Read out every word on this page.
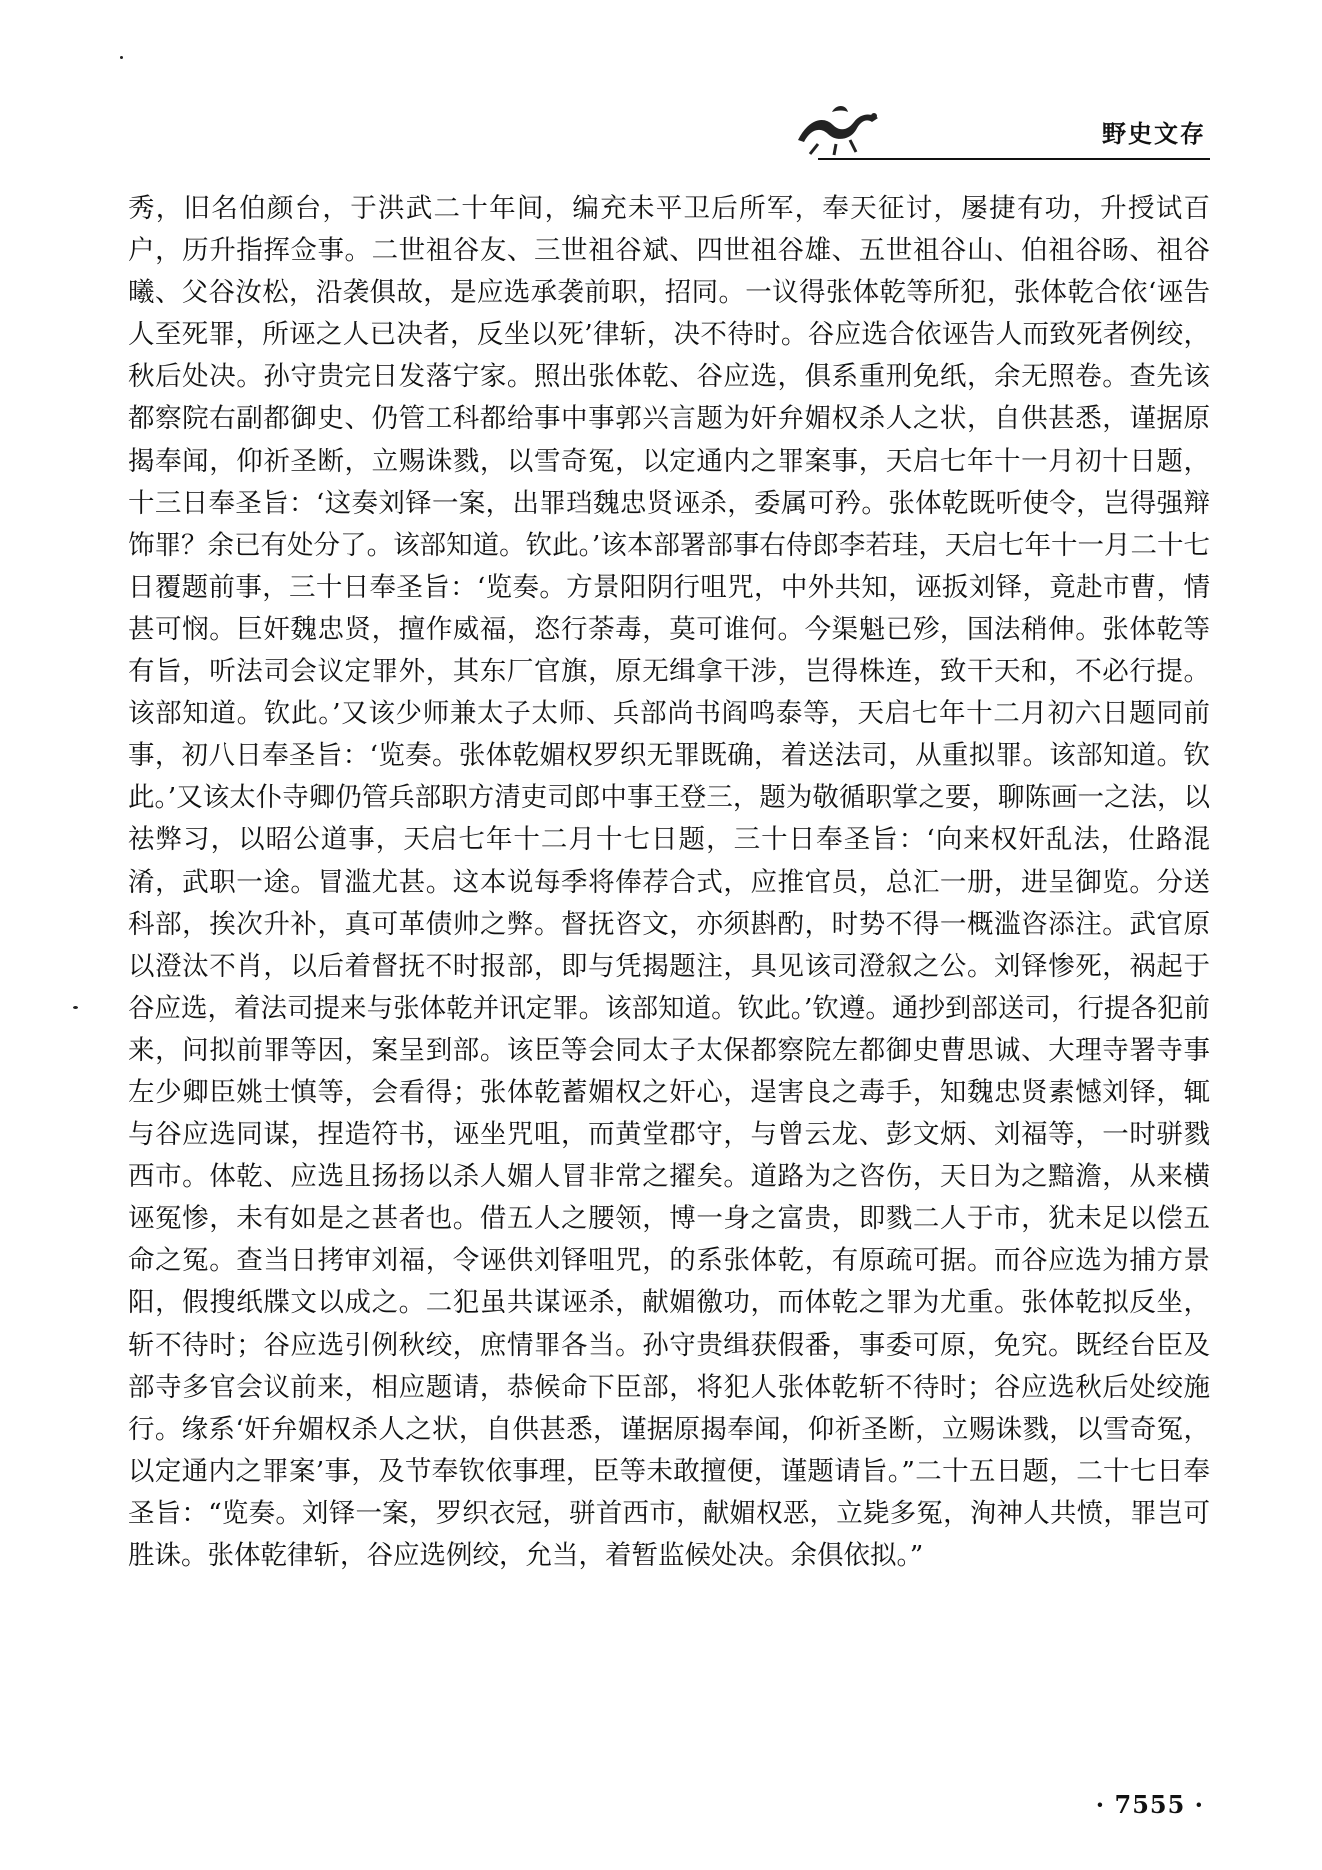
野史文存

秀，旧名伯颜台，于洪武二十年间，编充未平卫后所军，奉天征讨，屡捷有功，升授试百户，历升指挥佥事。二世祖谷友、三世祖谷斌、四世祖谷雄、五世祖谷山、伯祖谷旸、祖谷曦、父谷汝松，沿袭俱故，是应选承袭前职，招同。一议得张体乾等所犯，张体乾合依‘诬告人至死罪，所诬之人已决者，反坐以死’律斩，决不待时。谷应选合依诬告人而致死者例绞，秋后处决。孙守贵完日发落宁家。照出张体乾、谷应选，俱系重刑免纸，余无照卷。查先该都察院右副都御史、仍管工科都给事中事郭兴言题为奸弁媚权杀人之状，自供甚悉，谨据原揭奉闻，仰祈圣断，立赐诛戮，以雪奇冤，以定通内之罪案事，天启七年十一月初十日题，十三日奉圣旨：‘这奏刘铎一案，出罪珰魏忠贤诬杀，委属可矜。张体乾既听使令，岂得强辩饰罪？余已有处分了。该部知道。钦此。’该本部署部事右侍郎李若珪，天启七年十一月二十七日覆题前事，三十日奉圣旨：‘览奏。方景阳阴行咀咒，中外共知，诬扳刘铎，竟赴市曹，情甚可悯。巨奸魏忠贤，擅作威福，恣行荼毒，莫可谁何。今渠魁已殄，国法稍伸。张体乾等有旨，听法司会议定罪外，其东厂官旗，原无缉拿干涉，岂得株连，致干天和，不必行提。该部知道。钦此。’又该少师兼太子太师、兵部尚书阎鸣泰等，天启七年十二月初六日题同前事，初八日奉圣旨：‘览奏。张体乾媚权罗织无罪既确，着送法司，从重拟罪。该部知道。钦此。’又该太仆寺卿仍管兵部职方清吏司郎中事王登三，题为敬循职掌之要，聊陈画一之法，以祛弊习，以昭公道事，天启七年十二月十七日题，三十日奉圣旨：‘向来权奸乱法，仕路混淆，武职一途。冒滥尤甚。这本说每季将俸荐合式，应推官员，总汇一册，进呈御览。分送科部，挨次升补，真可革债帅之弊。督抚咨文，亦须斟酌，时势不得一概滥咨添注。武官原以澄汰不肖，以后着督抚不时报部，即与凭揭题注，具见该司澄叙之公。刘铎惨死，祸起于谷应选，着法司提来与张体乾并讯定罪。该部知道。钦此。’钦遵。通抄到部送司，行提各犯前来，问拟前罪等因，案呈到部。该臣等会同太子太保都察院左都御史曹思诚、大理寺署寺事左少卿臣姚士慎等，会看得；张体乾蓄媚权之奸心，逞害良之毒手，知魏忠贤素憾刘铎，辄与谷应选同谋，捏造符书，诬坐咒咀，而黄堂郡守，与曾云龙、彭文炳、刘福等，一时骈戮西市。体乾、应选且扬扬以杀人媚人冒非常之擢矣。道路为之咨伤，天日为之黯澹，从来横诬冤惨，未有如是之甚者也。借五人之腰领，博一身之富贵，即戮二人于市，犹未足以偿五命之冤。查当日拷审刘福，令诬供刘铎咀咒，的系张体乾，有原疏可据。而谷应选为捕方景阳，假搜纸牒文以成之。二犯虽共谋诬杀，献媚徼功，而体乾之罪为尤重。张体乾拟反坐，斩不待时；谷应选引例秋绞，庶情罪各当。孙守贵缉获假番，事委可原，免究。既经台臣及部寺多官会议前来，相应题请，恭候命下臣部，将犯人张体乾斩不待时；谷应选秋后处绞施行。缘系‘奸弁媚权杀人之状，自供甚悉，谨据原揭奉闻，仰祈圣断，立赐诛戮，以雪奇冤，以定通内之罪案’事，及节奉钦依事理，臣等未敢擅便，谨题请旨。”二十五日题，二十七日奉圣旨：“览奏。刘铎一案，罗织衣冠，骈首西市，献媚权恶，立毙多冤，洵神人共愤，罪岂可胜诛。张体乾律斩，谷应选例绞，允当，着暂监候处决。余俱依拟。”

· 7555 ·
